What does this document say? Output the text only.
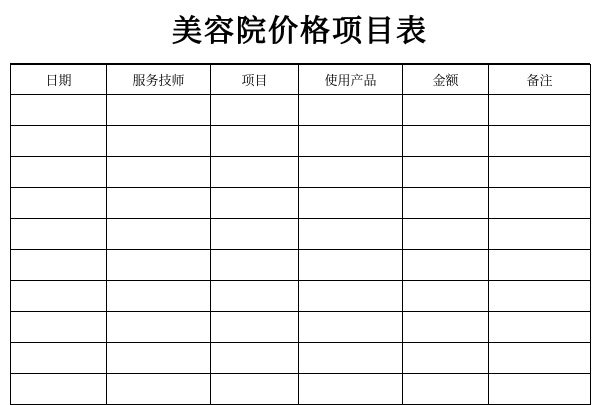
美容院价格项目表
日期	服务技师	项目	使用产品	金额	备注
